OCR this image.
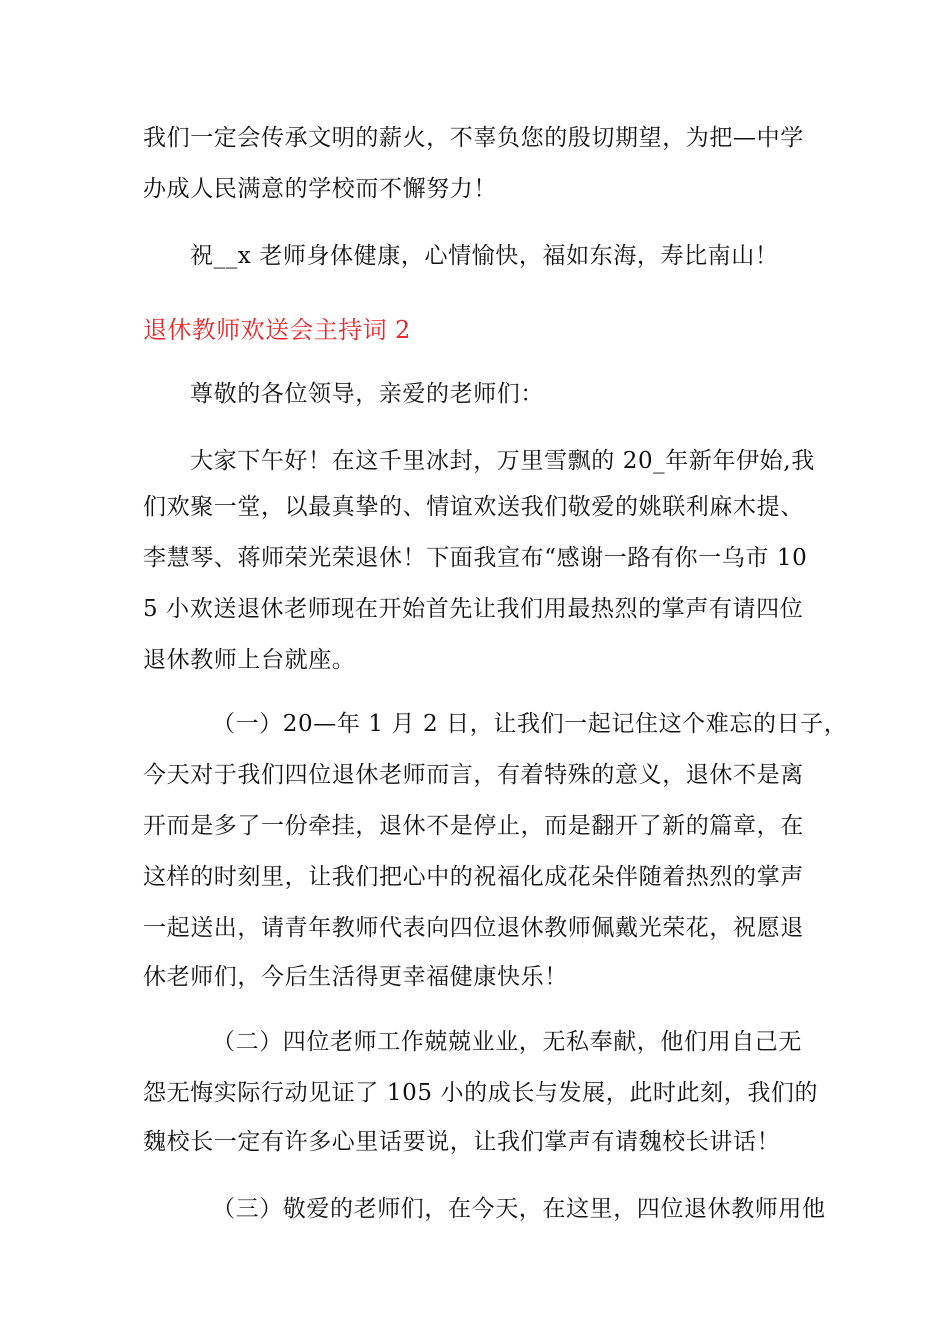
我们一定会传承文明的薪火，不辜负您的殷切期望，为把—中学
办成人民满意的学校而不懈努力！
祝__x 老师身体健康，心情愉快，福如东海，寿比南山！
退休教师欢送会主持词 2
尊敬的各位领导，亲爱的老师们：
大家下午好！在这千里冰封，万里雪飘的 20_年新年伊始,我
们欢聚一堂，以最真挚的、情谊欢送我们敬爱的姚联利麻木提、
李慧琴、蒋师荣光荣退休！下面我宣布“感谢一路有你一乌市 10
5 小欢送退休老师现在开始首先让我们用最热烈的掌声有请四位
退休教师上台就座。
（一）20—年 1 月 2 日，让我们一起记住这个难忘的日子，
今天对于我们四位退休老师而言，有着特殊的意义，退休不是离
开而是多了一份牵挂，退休不是停止，而是翻开了新的篇章，在
这样的时刻里，让我们把心中的祝福化成花朵伴随着热烈的掌声
一起送出，请青年教师代表向四位退休教师佩戴光荣花，祝愿退
休老师们，今后生活得更幸福健康快乐！
（二）四位老师工作兢兢业业，无私奉献，他们用自己无
怨无悔实际行动见证了 105 小的成长与发展，此时此刻，我们的
魏校长一定有许多心里话要说，让我们掌声有请魏校长讲话！
（三）敬爱的老师们，在今天，在这里，四位退休教师用他
